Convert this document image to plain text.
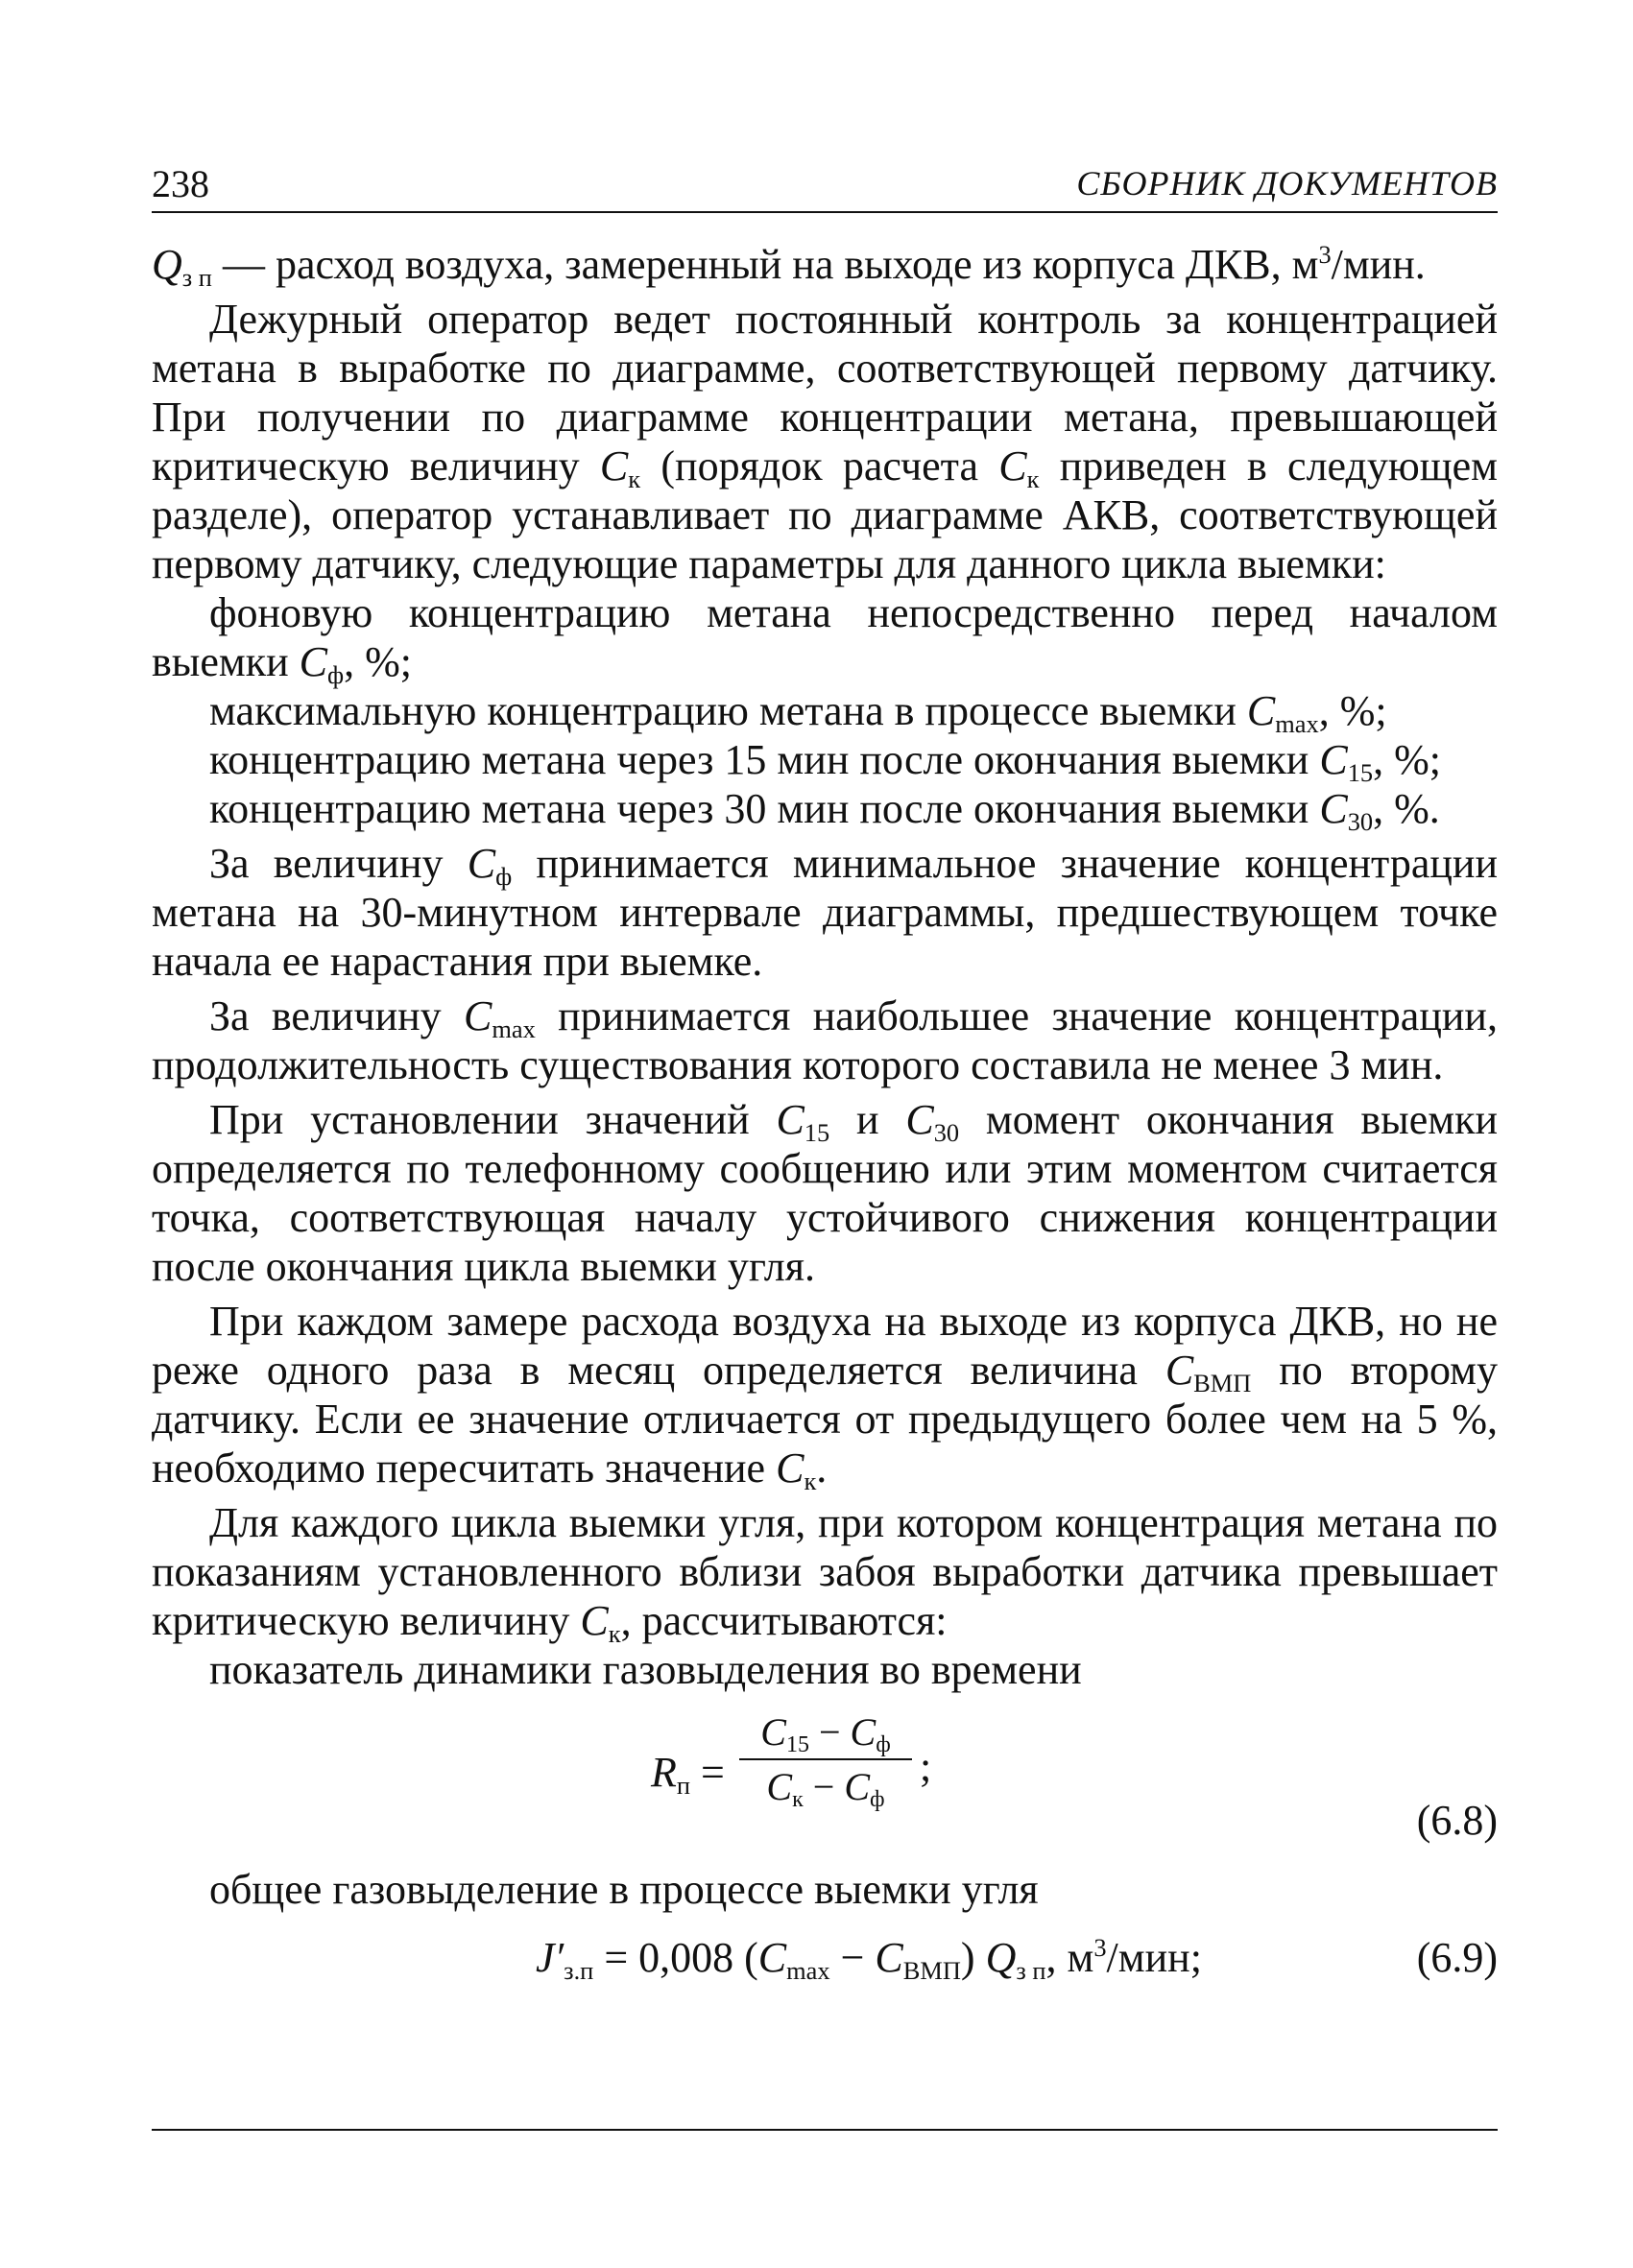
238	СБОРНИК ДОКУМЕНТОВ

$Q_{з п}$ — расход воздуха, замеренный на выходе из корпуса ДКВ, $м^3$/мин.

Дежурный оператор ведет постоянный контроль за концентрацией метана в выработке по диаграмме, соответствующей первому датчику. При получении по диаграмме концентрации метана, превышающей критическую величину $C_к$ (порядок расчета $C_к$ приведен в следующем разделе), оператор устанавливает по диаграмме АКВ, соответствующей первому датчику, следующие параметры для данного цикла выемки:

фоновую концентрацию метана непосредственно перед началом выемки $C_ф$, %;

максимальную концентрацию метана в процессе выемки $C_{max}$, %;

концентрацию метана через 15 мин после окончания выемки $C_{15}$, %;

концентрацию метана через 30 мин после окончания выемки $C_{30}$, %.

За величину $C_ф$ принимается минимальное значение концентрации метана на 30-минутном интервале диаграммы, предшествующем точке начала ее нарастания при выемке.

За величину $C_{max}$ принимается наибольшее значение концентрации, продолжительность существования которого составила не менее 3 мин.

При установлении значений $C_{15}$ и $C_{30}$ момент окончания выемки определяется по телефонному сообщению или этим моментом считается точка, соответствующая началу устойчивого снижения концентрации после окончания цикла выемки угля.

При каждом замере расхода воздуха на выходе из корпуса ДКВ, но не реже одного раза в месяц определяется величина $C_{ВМП}$ по второму датчику. Если ее значение отличается от предыдущего более чем на 5 %, необходимо пересчитать значение $C_к$.

Для каждого цикла выемки угля, при котором концентрация метана по показаниям установленного вблизи забоя выработки датчика превышает критическую величину $C_к$, рассчитываются:

показатель динамики газовыделения во времени

$R_п$ =
$C_{15} - C_ф$
$C_к - C_ф$
;
(6.8)

общее газовыделение в процессе выемки угля

$J'_{з.п} = 0,008$ $(C_{max} - C_{ВМП})$ $Q_{з п}$, $м^3$/мин;	(6.9)
